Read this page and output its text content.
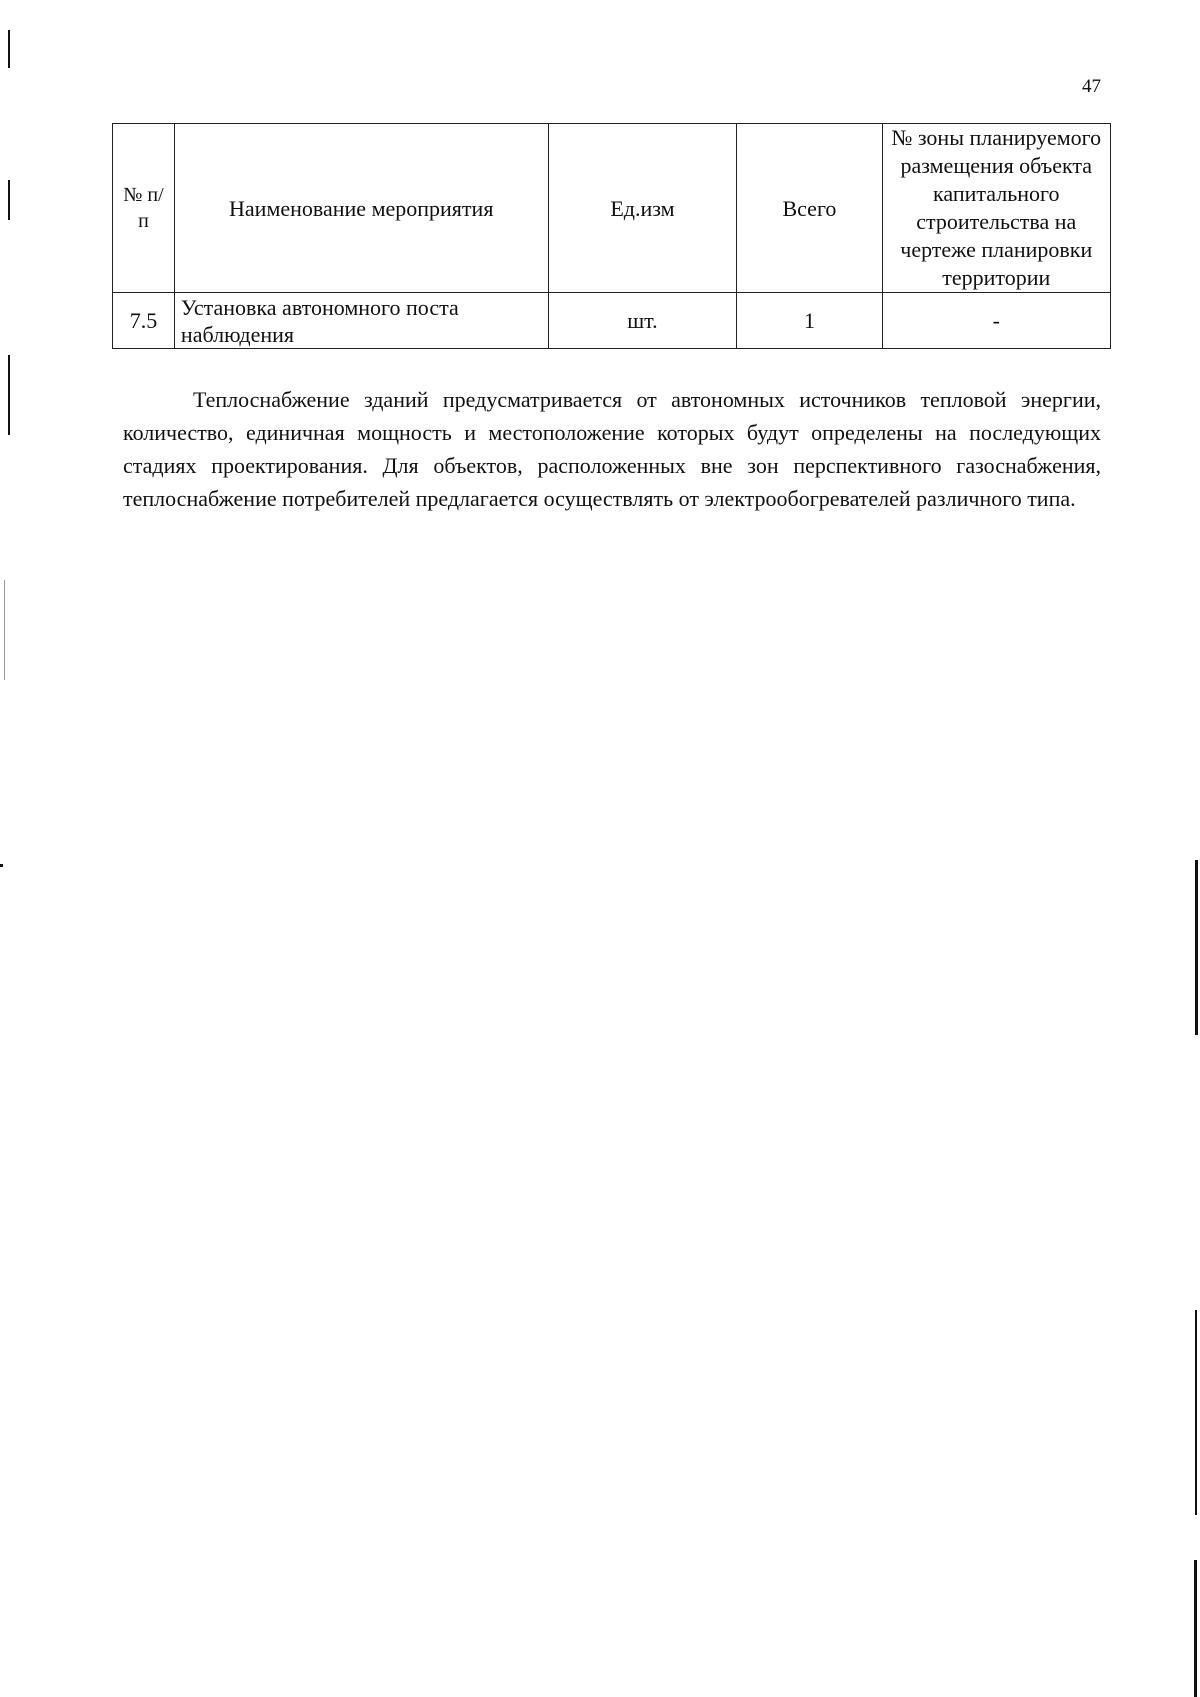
47
№ п/п	Наименование мероприятия	Ед.изм	Всего	№ зоны планируемого размещения объекта капитального строительства на чертеже планировки территории
7.5	Установка автономного поста наблюдения	шт.	1	-

Теплоснабжение зданий предусматривается от автономных источников тепловой энергии, количество, единичная мощность и местоположение которых будут определены на последующих стадиях проектирования. Для объектов, расположенных вне зон перспективного газоснабжения, теплоснабжение потребителей предлагается осуществлять от электрообогревателей различного типа.
